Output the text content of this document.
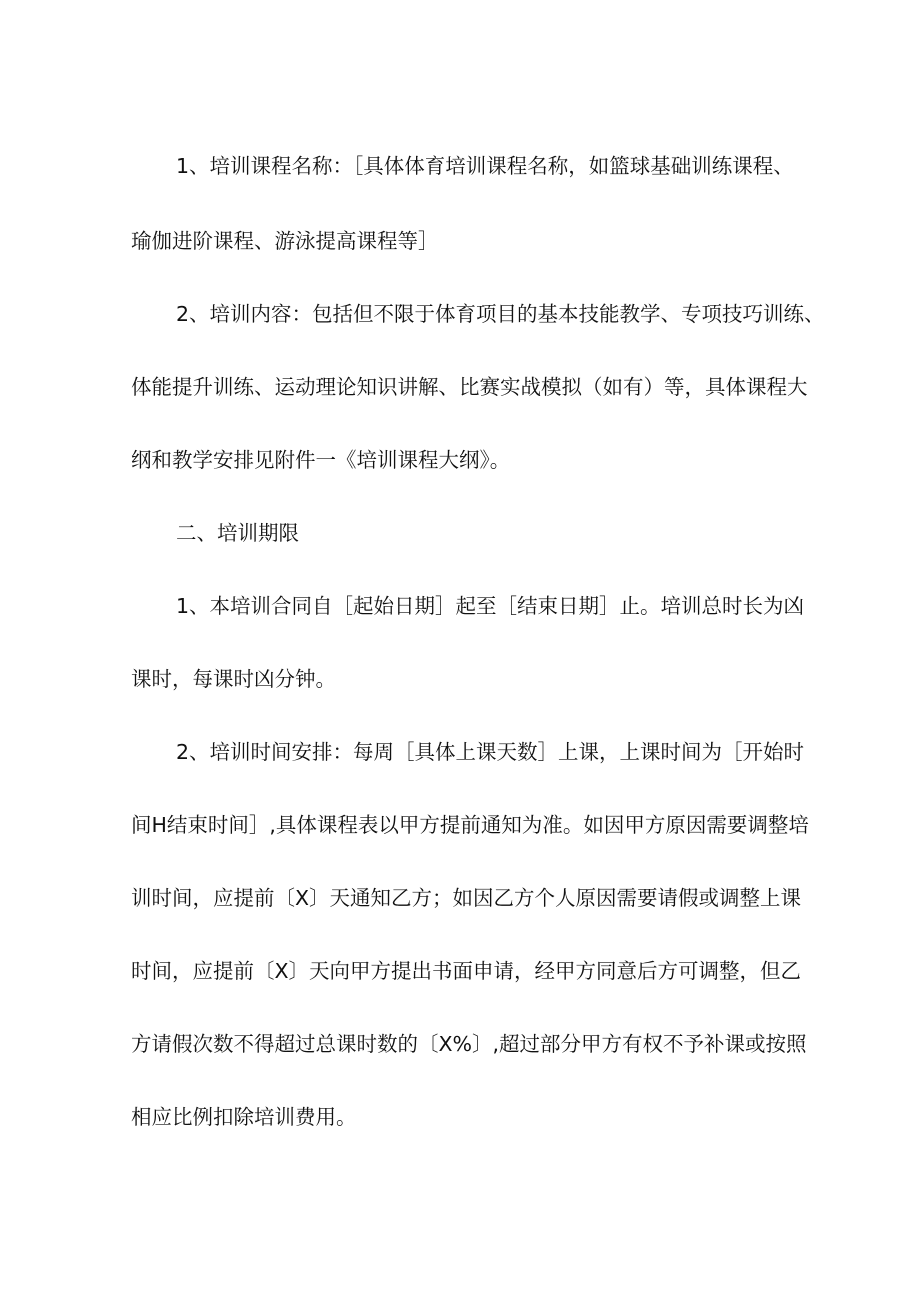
1、培训课程名称：［具体体育培训课程名称，如篮球基础训练课程、
瑜伽进阶课程、游泳提高课程等］
2、培训内容：包括但不限于体育项目的基本技能教学、专项技巧训练、
体能提升训练、运动理论知识讲解、比赛实战模拟（如有）等，具体课程大
纲和教学安排见附件一《培训课程大纲》。
二、培训期限
1、本培训合同自［起始日期］起至［结束日期］止。培训总时长为凶
课时，每课时凶分钟。
2、培训时间安排：每周［具体上课天数］上课，上课时间为［开始时
间H结束时间］,具体课程表以甲方提前通知为准。如因甲方原因需要调整培
训时间，应提前〔X〕天通知乙方；如因乙方个人原因需要请假或调整上课
时间，应提前〔X〕天向甲方提出书面申请，经甲方同意后方可调整，但乙
方请假次数不得超过总课时数的〔X%〕,超过部分甲方有权不予补课或按照
相应比例扣除培训费用。
